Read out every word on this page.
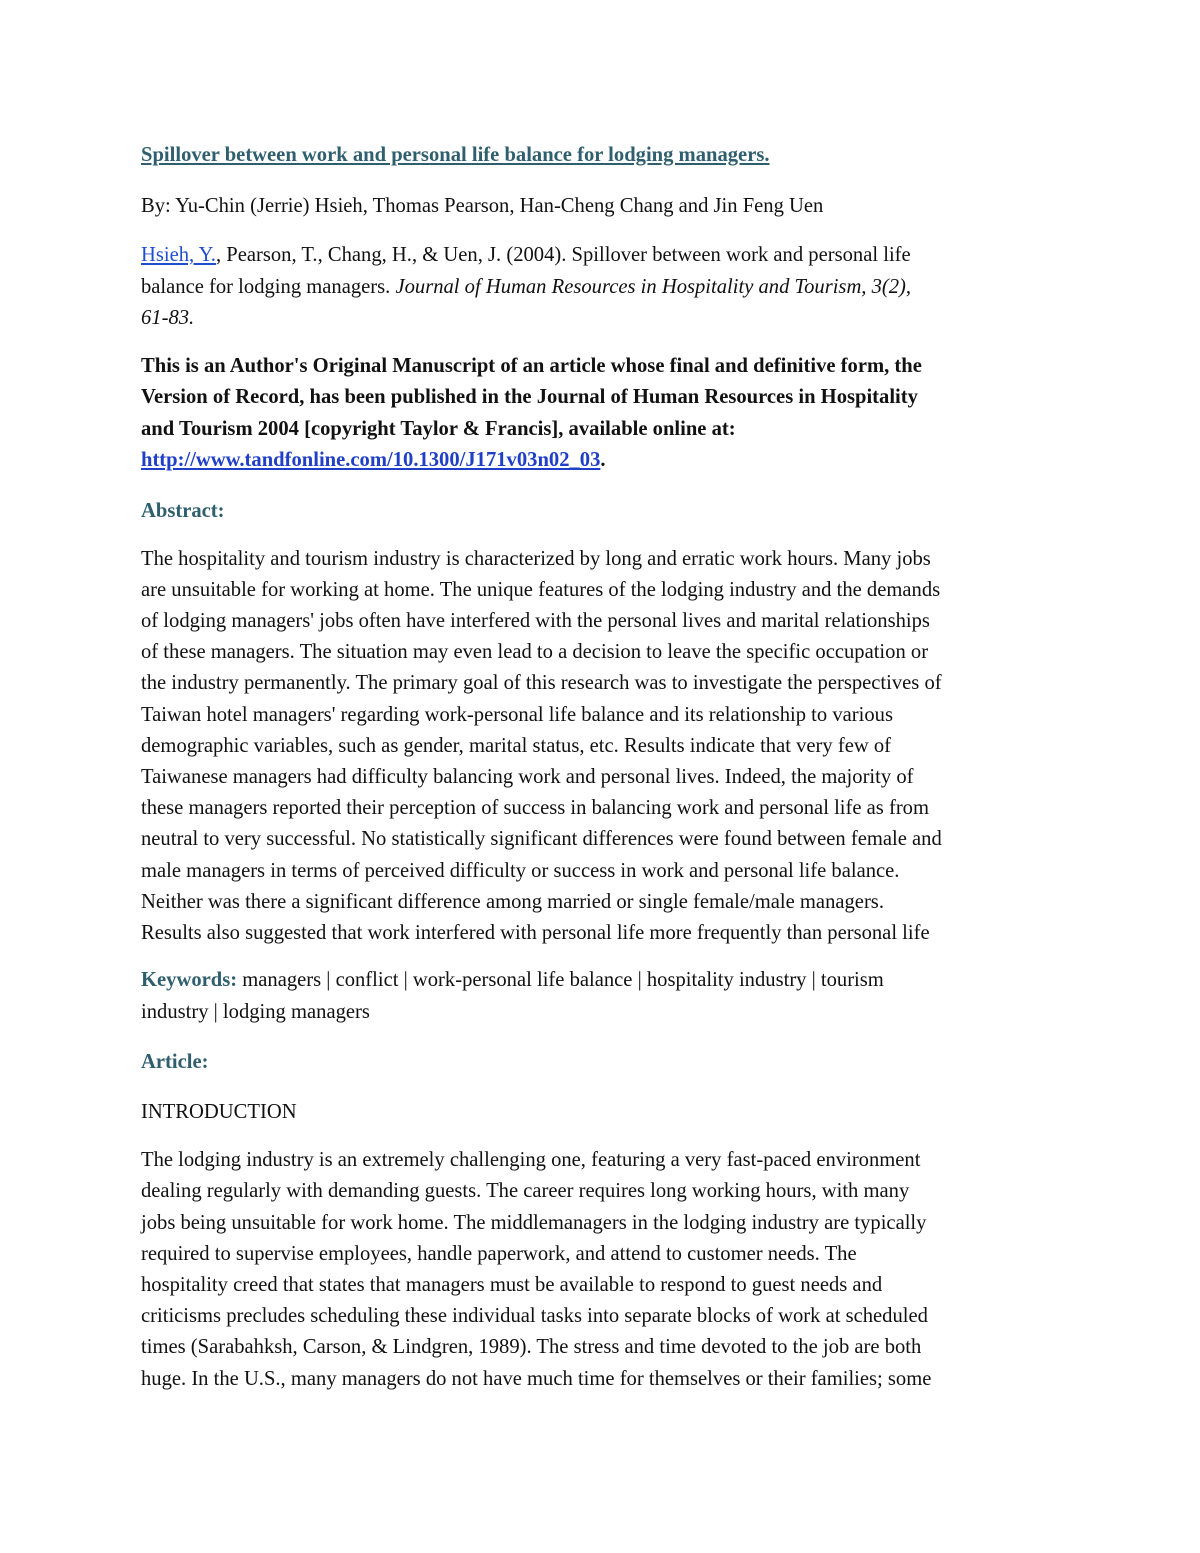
Spillover between work and personal life balance for lodging managers.
By: Yu-Chin (Jerrie) Hsieh, Thomas Pearson, Han-Cheng Chang and Jin Feng Uen
Hsieh, Y., Pearson, T., Chang, H., & Uen, J. (2004). Spillover between work and personal life
balance for lodging managers. Journal of Human Resources in Hospitality and Tourism, 3(2),
61-83.
This is an Author's Original Manuscript of an article whose final and definitive form, the
Version of Record, has been published in the Journal of Human Resources in Hospitality
and Tourism 2004 [copyright Taylor & Francis], available online at:
http://www.tandfonline.com/10.1300/J171v03n02_03.
Abstract:
The hospitality and tourism industry is characterized by long and erratic work hours. Many jobs
are unsuitable for working at home. The unique features of the lodging industry and the demands
of lodging managers' jobs often have interfered with the personal lives and marital relationships
of these managers. The situation may even lead to a decision to leave the specific occupation or
the industry permanently. The primary goal of this research was to investigate the perspectives of
Taiwan hotel managers' regarding work-personal life balance and its relationship to various
demographic variables, such as gender, marital status, etc. Results indicate that very few of
Taiwanese managers had difficulty balancing work and personal lives. Indeed, the majority of
these managers reported their perception of success in balancing work and personal life as from
neutral to very successful. No statistically significant differences were found between female and
male managers in terms of perceived difficulty or success in work and personal life balance.
Neither was there a significant difference among married or single female/male managers.
Results also suggested that work interfered with personal life more frequently than personal life
Keywords: managers | conflict | work-personal life balance | hospitality industry | tourism
industry | lodging managers
Article:
INTRODUCTION
The lodging industry is an extremely challenging one, featuring a very fast-paced environment
dealing regularly with demanding guests. The career requires long working hours, with many
jobs being unsuitable for work home. The middlemanagers in the lodging industry are typically
required to supervise employees, handle paperwork, and attend to customer needs. The
hospitality creed that states that managers must be available to respond to guest needs and
criticisms precludes scheduling these individual tasks into separate blocks of work at scheduled
times (Sarabahksh, Carson, & Lindgren, 1989). The stress and time devoted to the job are both
huge. In the U.S., many managers do not have much time for themselves or their families; some
